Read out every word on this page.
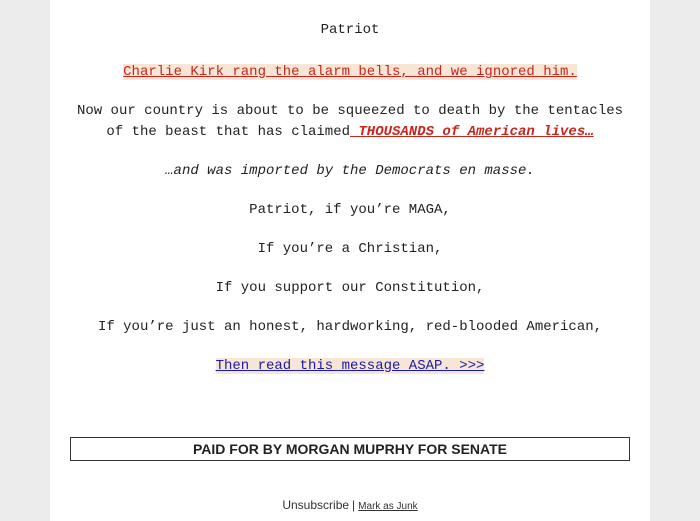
Patriot
Charlie Kirk rang the alarm bells, and we ignored him.
Now our country is about to be squeezed to death by the tentacles
of the beast that has claimed THOUSANDS of American lives…
…and was imported by the Democrats en masse.
Patriot, if you’re MAGA,
If you’re a Christian,
If you support our Constitution,
If you’re just an honest, hardworking, red-blooded American,
Then read this message ASAP. >>>
PAID FOR BY MORGAN MUPRHY FOR SENATE
Unsubscribe | Mark as Junk
